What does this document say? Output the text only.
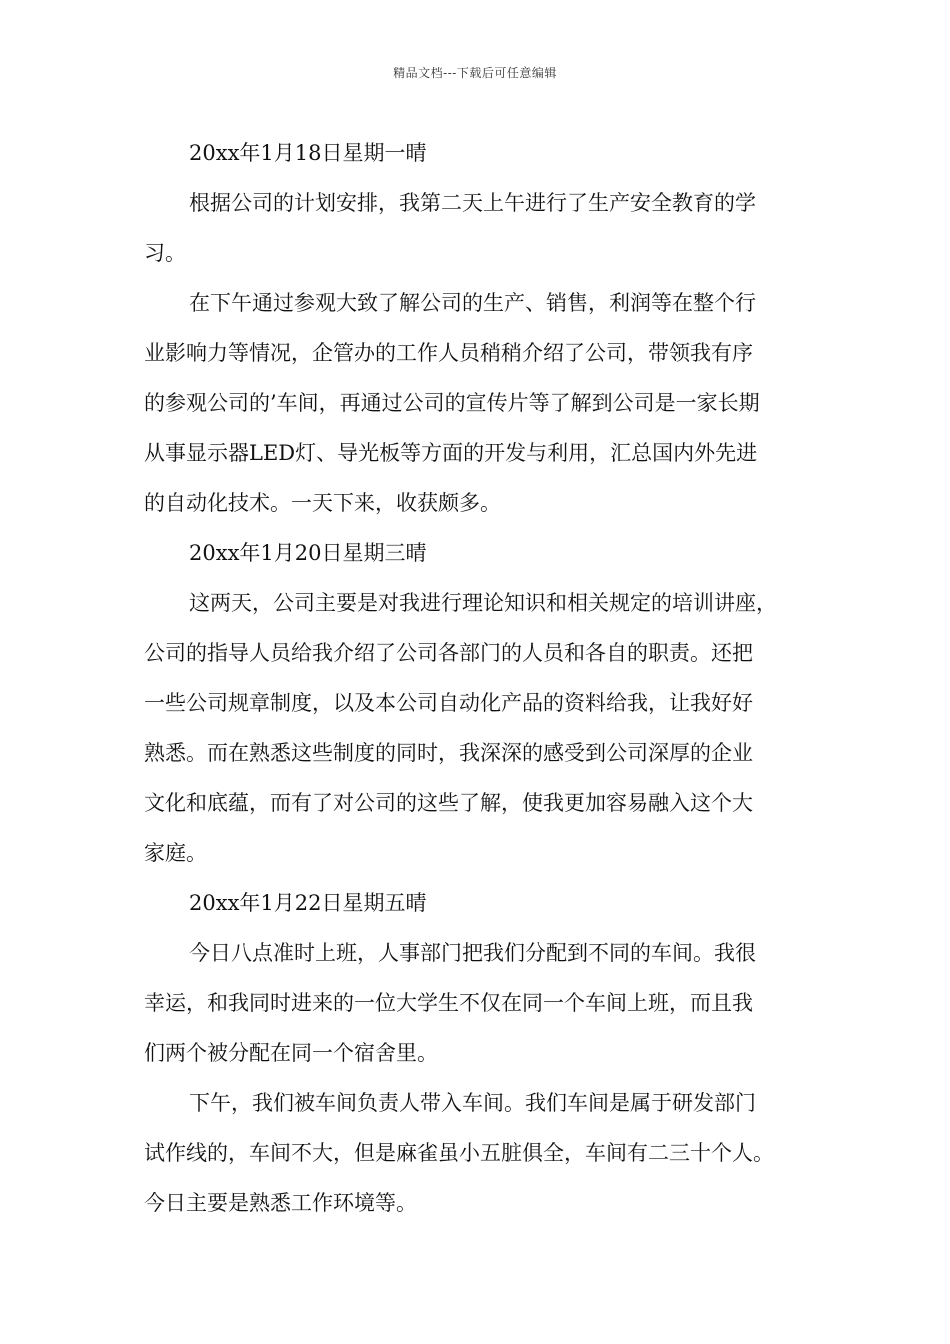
精品文档---下载后可任意编辑
20xx年1月18日星期一晴
根据公司的计划安排，我第二天上午进行了生产安全教育的学
习。
在下午通过参观大致了解公司的生产、销售，利润等在整个行
业影响力等情况，企管办的工作人员稍稍介绍了公司，带领我有序
的参观公司的’车间，再通过公司的宣传片等了解到公司是一家长期
从事显示器LED灯、导光板等方面的开发与利用，汇总国内外先进
的自动化技术。一天下来，收获颇多。
20xx年1月20日星期三晴
这两天，公司主要是对我进行理论知识和相关规定的培训讲座，
公司的指导人员给我介绍了公司各部门的人员和各自的职责。还把
一些公司规章制度，以及本公司自动化产品的资料给我，让我好好
熟悉。而在熟悉这些制度的同时，我深深的感受到公司深厚的企业
文化和底蕴，而有了对公司的这些了解，使我更加容易融入这个大
家庭。
20xx年1月22日星期五晴
今日八点准时上班，人事部门把我们分配到不同的车间。我很
幸运，和我同时进来的一位大学生不仅在同一个车间上班，而且我
们两个被分配在同一个宿舍里。
下午，我们被车间负责人带入车间。我们车间是属于研发部门
试作线的，车间不大，但是麻雀虽小五脏俱全，车间有二三十个人。
今日主要是熟悉工作环境等。
